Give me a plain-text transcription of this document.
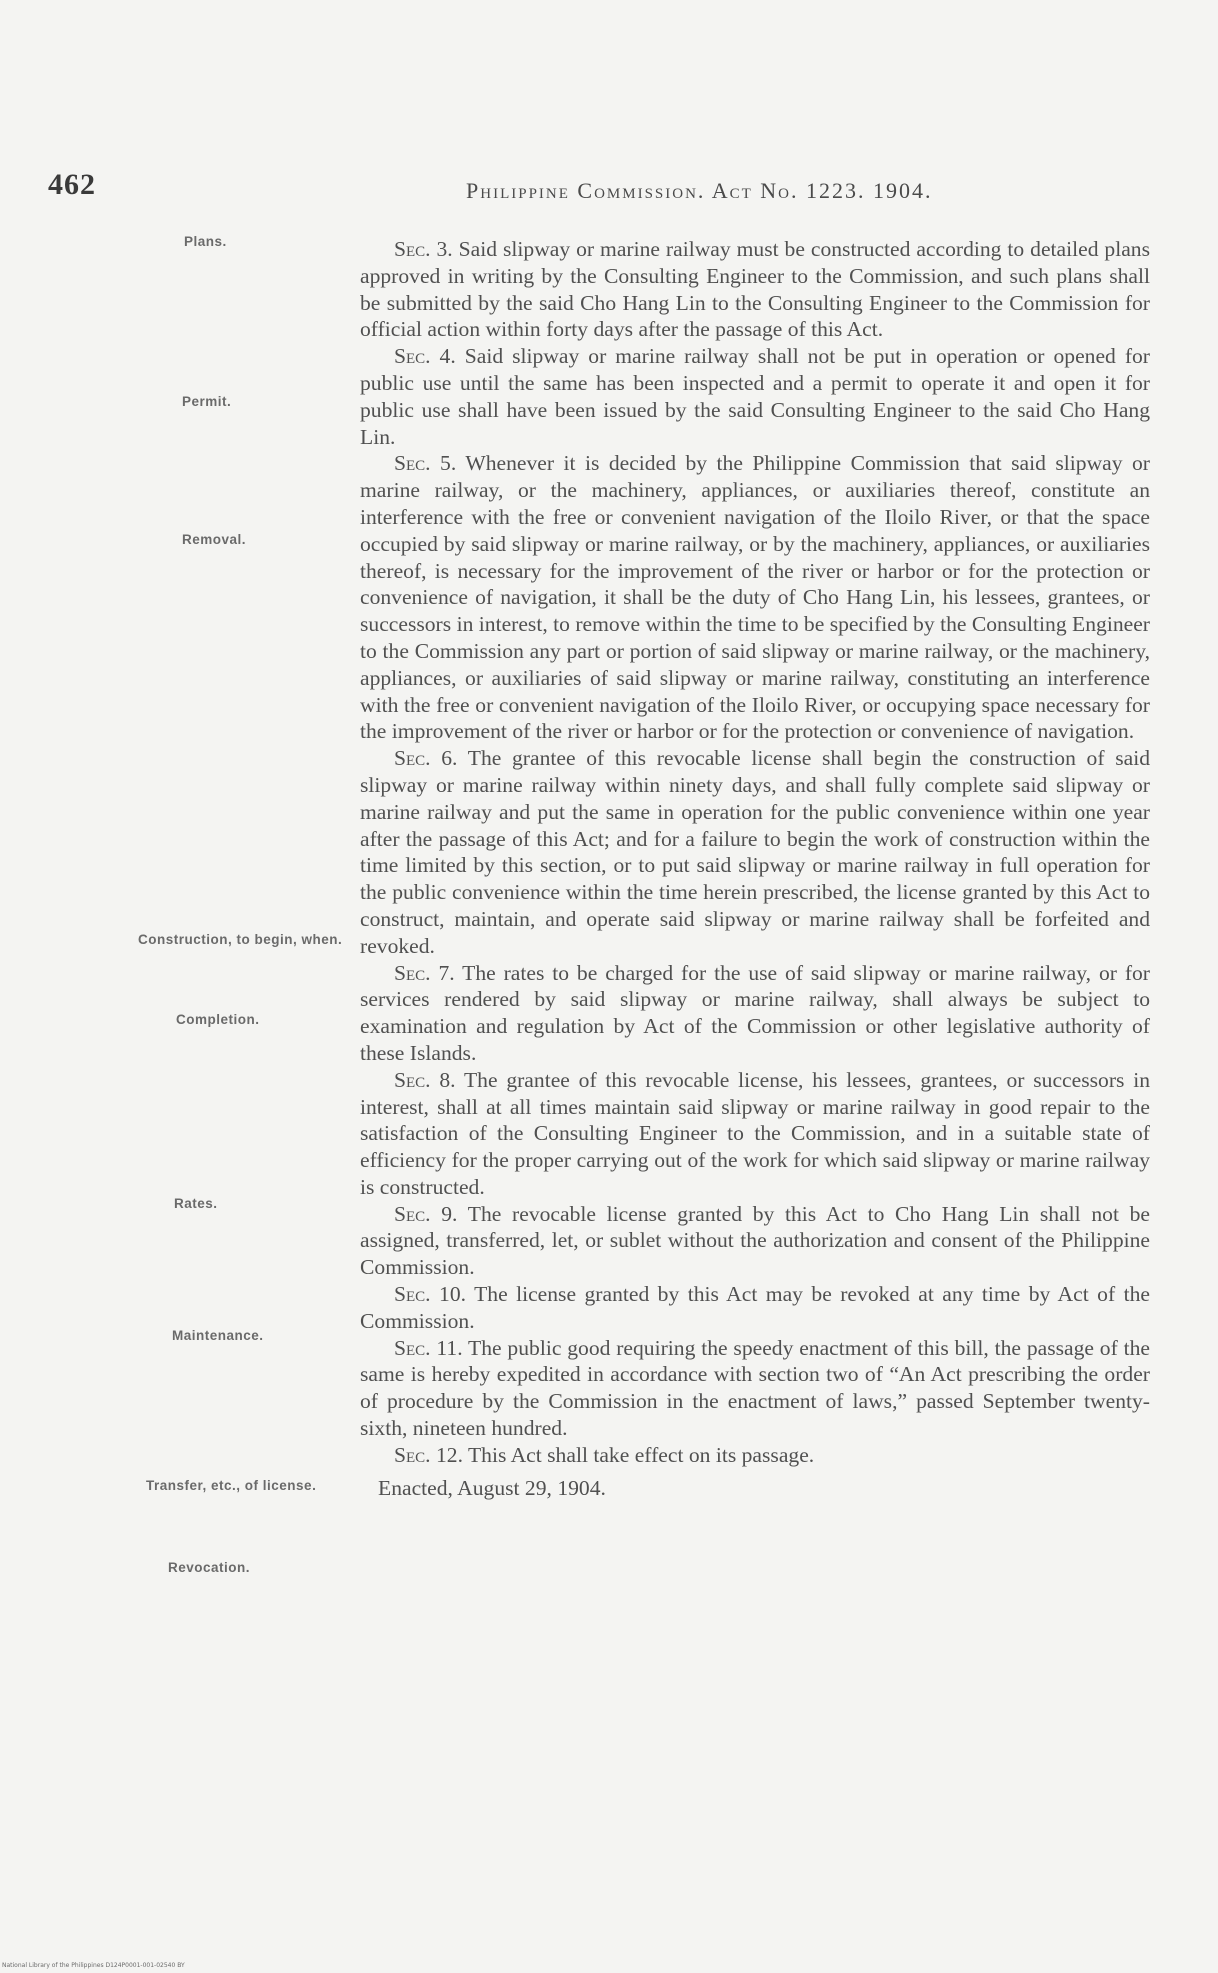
462	Philippine Commission. Act No. 1223. 1904.
Plans.
Permit.
Removal.
Construction, to begin, when.
Completion.
Rates.
Maintenance.
Transfer, etc., of license.
Revocation.

Sec. 3. Said slipway or marine railway must be constructed according to detailed plans approved in writing by the Consulting Engineer to the Commission, and such plans shall be submitted by the said Cho Hang Lin to the Consulting Engineer to the Commission for official action within forty days after the passage of this Act.

Sec. 4. Said slipway or marine railway shall not be put in operation or opened for public use until the same has been inspected and a permit to operate it and open it for public use shall have been issued by the said Consulting Engineer to the said Cho Hang Lin.

Sec. 5. Whenever it is decided by the Philippine Commission that said slipway or marine railway, or the machinery, appliances, or auxiliaries thereof, constitute an interference with the free or convenient navigation of the Iloilo River, or that the space occupied by said slipway or marine railway, or by the machinery, appliances, or auxiliaries thereof, is necessary for the improvement of the river or harbor or for the protection or convenience of navigation, it shall be the duty of Cho Hang Lin, his lessees, grantees, or successors in interest, to remove within the time to be specified by the Consulting Engineer to the Commission any part or portion of said slipway or marine railway, or the machinery, appliances, or auxiliaries of said slipway or marine railway, constituting an interference with the free or convenient navigation of the Iloilo River, or occupying space necessary for the improvement of the river or harbor or for the protection or convenience of navigation.

Sec. 6. The grantee of this revocable license shall begin the construction of said slipway or marine railway within ninety days, and shall fully complete said slipway or marine railway and put the same in operation for the public convenience within one year after the passage of this Act; and for a failure to begin the work of construction within the time limited by this section, or to put said slipway or marine railway in full operation for the public convenience within the time herein prescribed, the license granted by this Act to construct, maintain, and operate said slipway or marine railway shall be forfeited and revoked.

Sec. 7. The rates to be charged for the use of said slipway or marine railway, or for services rendered by said slipway or marine railway, shall always be subject to examination and regulation by Act of the Commission or other legislative authority of these Islands.

Sec. 8. The grantee of this revocable license, his lessees, grantees, or successors in interest, shall at all times maintain said slipway or marine railway in good repair to the satisfaction of the Consulting Engineer to the Commission, and in a suitable state of efficiency for the proper carrying out of the work for which said slipway or marine railway is constructed.

Sec. 9. The revocable license granted by this Act to Cho Hang Lin shall not be assigned, transferred, let, or sublet without the authorization and consent of the Philippine Commission.

Sec. 10. The license granted by this Act may be revoked at any time by Act of the Commission.

Sec. 11. The public good requiring the speedy enactment of this bill, the passage of the same is hereby expedited in accordance with section two of “An Act prescribing the order of procedure by the Commission in the enactment of laws,” passed September twenty-sixth, nineteen hundred.

Sec. 12. This Act shall take effect on its passage.

Enacted, August 29, 1904.

National Library of the Philippines D124P0001-001-02540 BY
